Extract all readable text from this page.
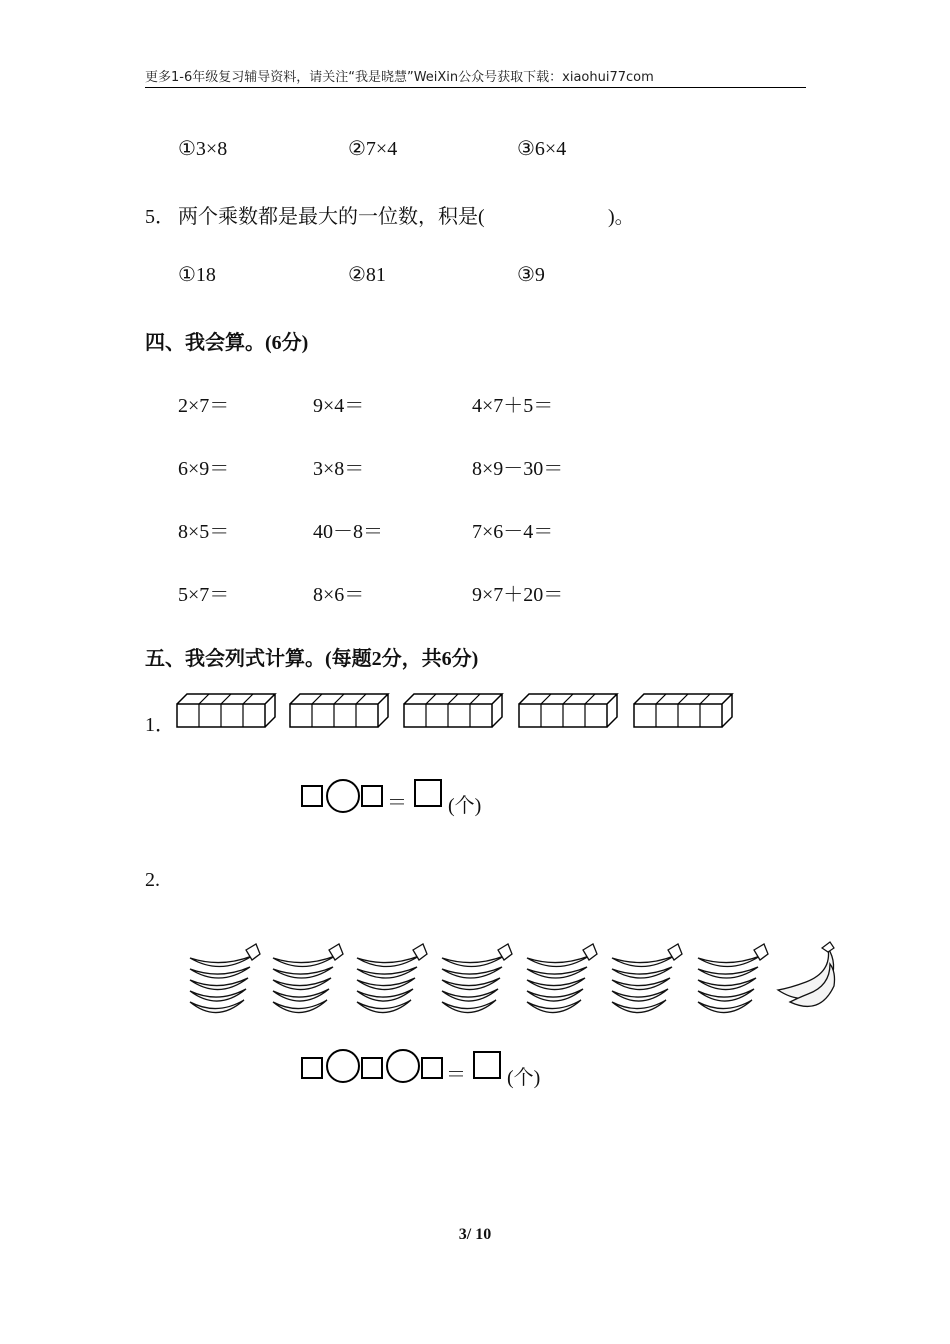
更多1-6年级复习辅导资料，请关注“我是晓慧”WeiXin公众号获取下载：xiaohui77com
①3×8	②7×4	③6×4
5． 两个乘数都是最大的一位数，积是(	)。
①18	②81	③9
四、我会算。(6分)
2×7＝	9×4＝	4×7＋5＝
6×9＝	3×8＝	8×9－30＝
8×5＝	40－8＝	7×6－4＝
5×7＝	8×6＝	9×7＋20＝
五、我会列式计算。(每题2分，共6分)
1．
＝ (个)
2.
＝ (个)
3/ 10
